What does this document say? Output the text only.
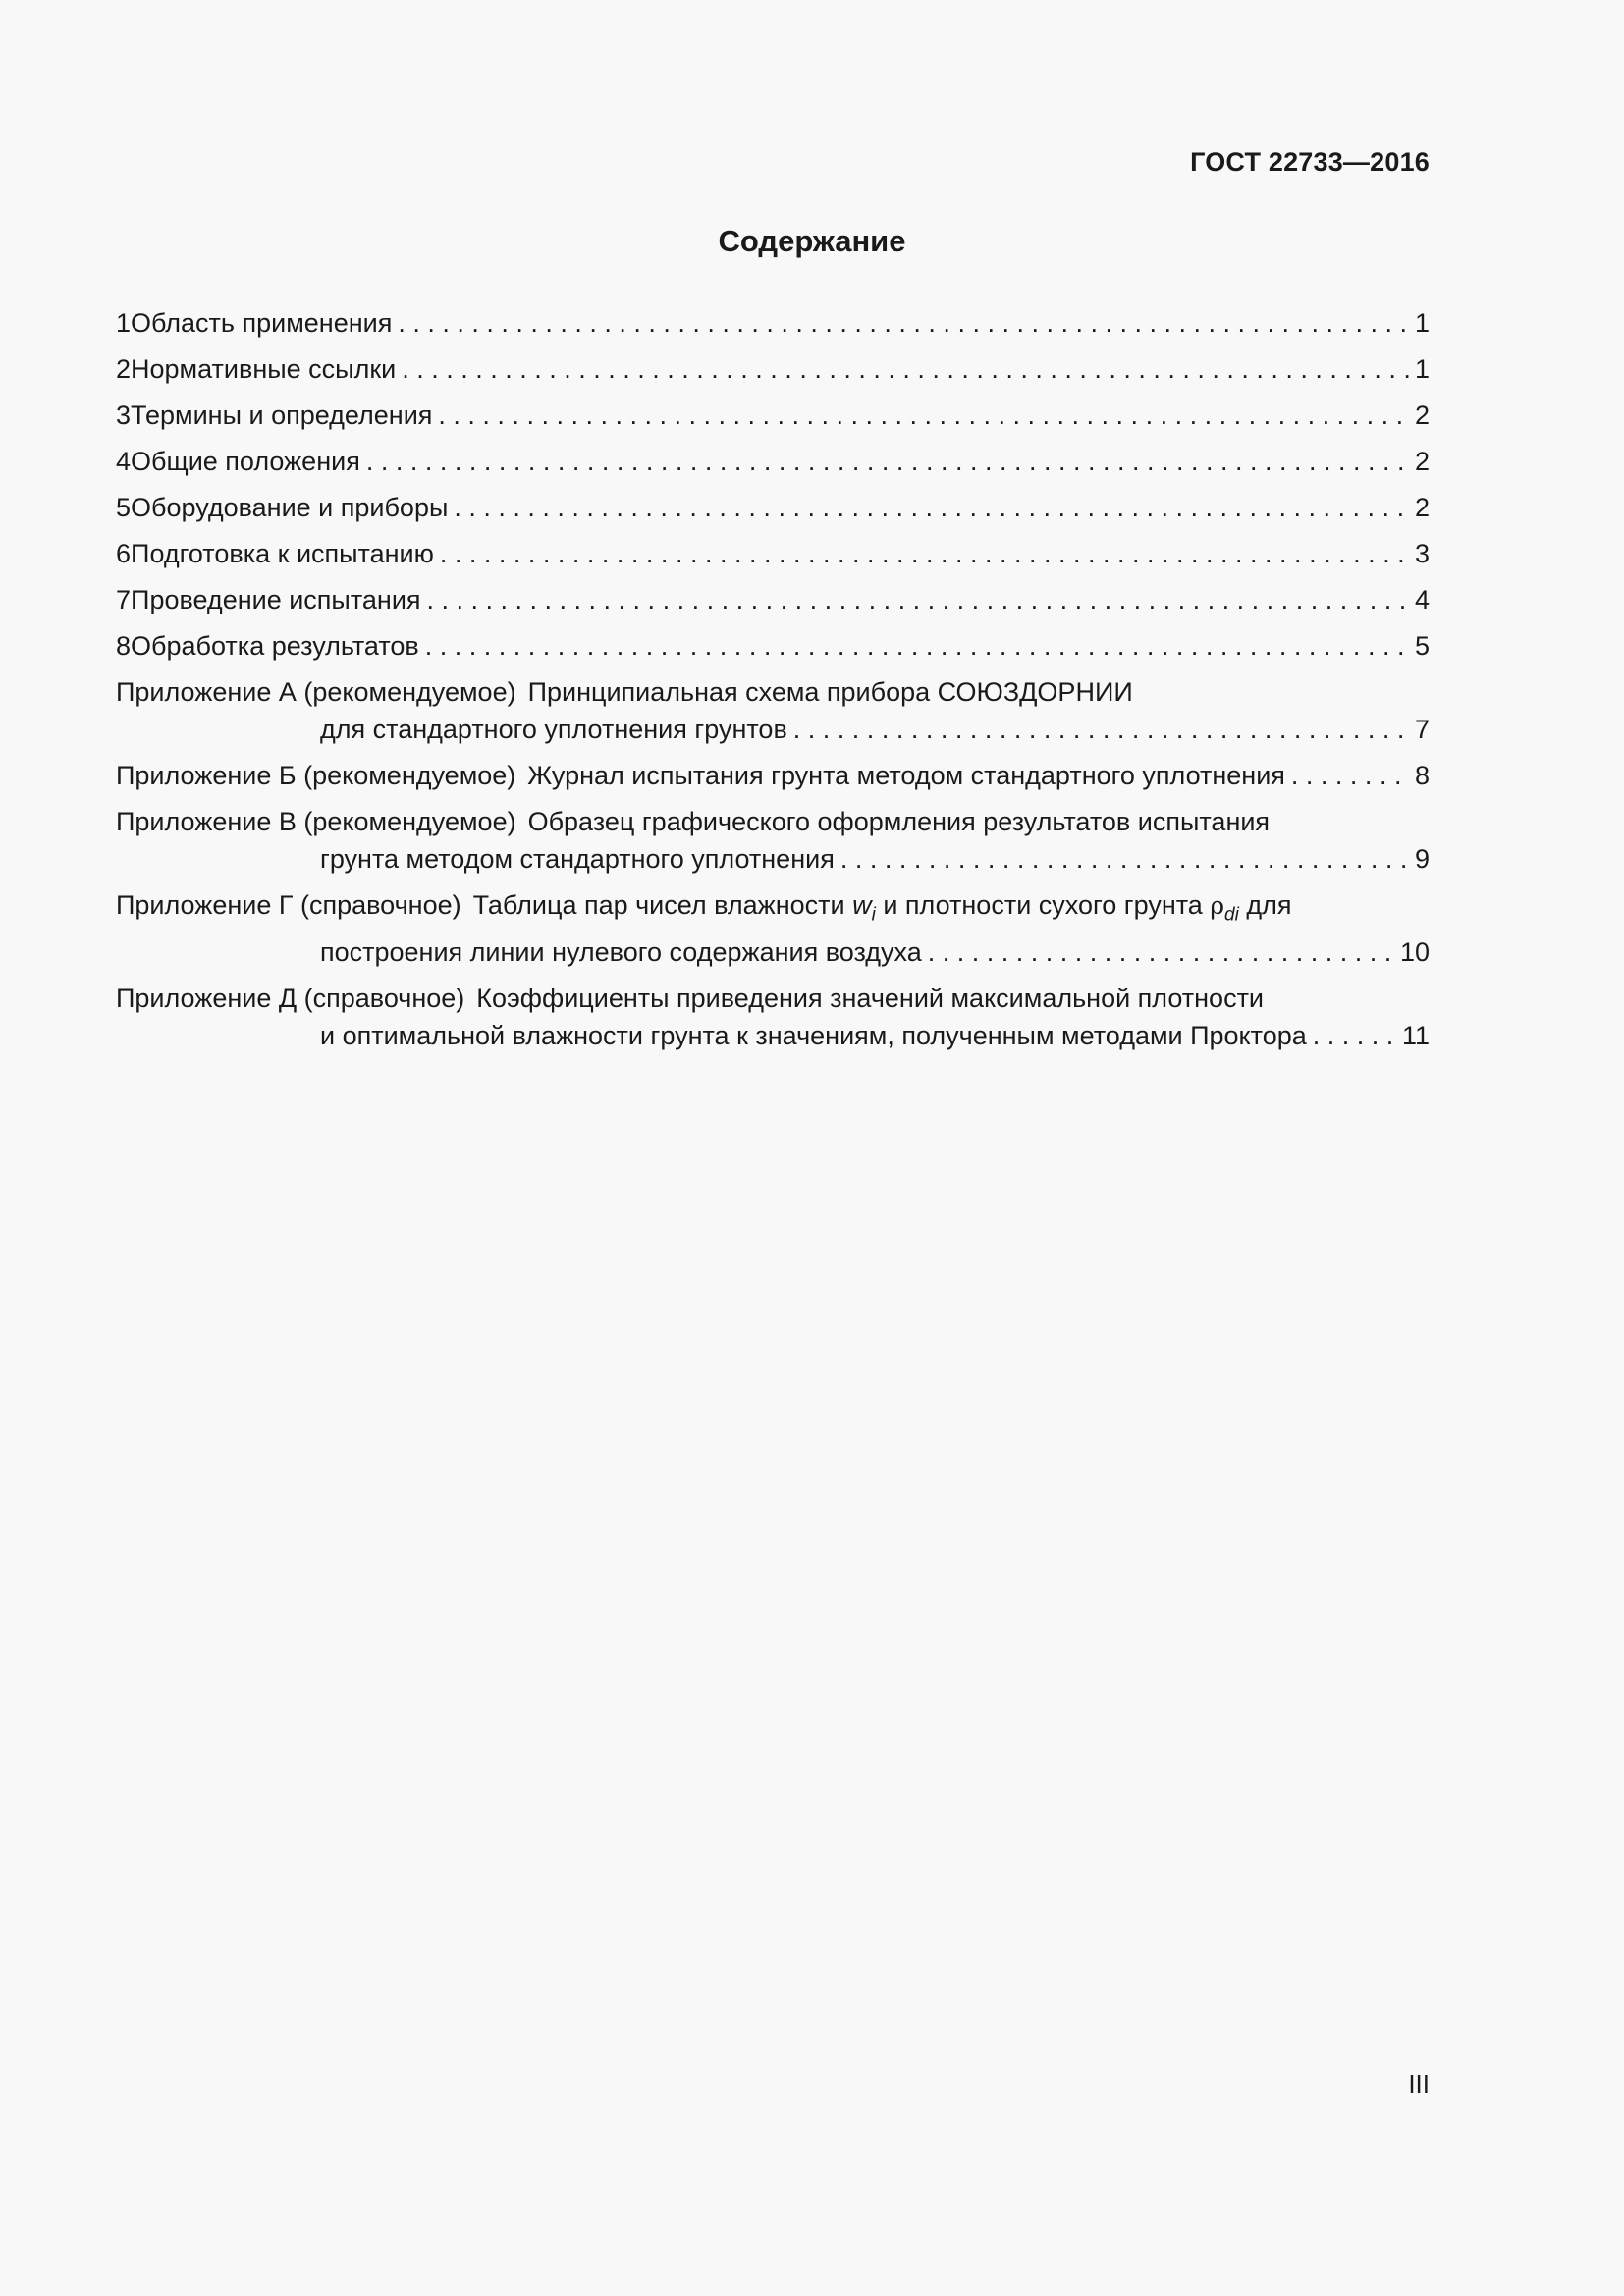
ГОСТ 22733—2016
Содержание
1 Область применения . . .	1
2 Нормативные ссылки . . .	1
3 Термины и определения . . .	2
4 Общие положения . . .	2
5 Оборудование и приборы . . .	2
6 Подготовка к испытанию . . .	3
7 Проведение испытания . . .	4
8 Обработка результатов . . .	5
Приложение А (рекомендуемое) Принципиальная схема прибора СОЮЗДОРНИИ
для стандартного уплотнения грунтов . . .	7
Приложение Б (рекомендуемое) Журнал испытания грунта методом стандартного уплотнения . . .	8
Приложение В (рекомендуемое) Образец графического оформления результатов испытания
грунта методом стандартного уплотнения . . .	9
Приложение Г (справочное) Таблица пар чисел влажности $w_i$ и плотности сухого грунта $\rho_{di}$ для
построения линии нулевого содержания воздуха . . .	10
Приложение Д (справочное) Коэффициенты приведения значений максимальной плотности
и оптимальной влажности грунта к значениям, полученным методами Проктора . . .	11
III
